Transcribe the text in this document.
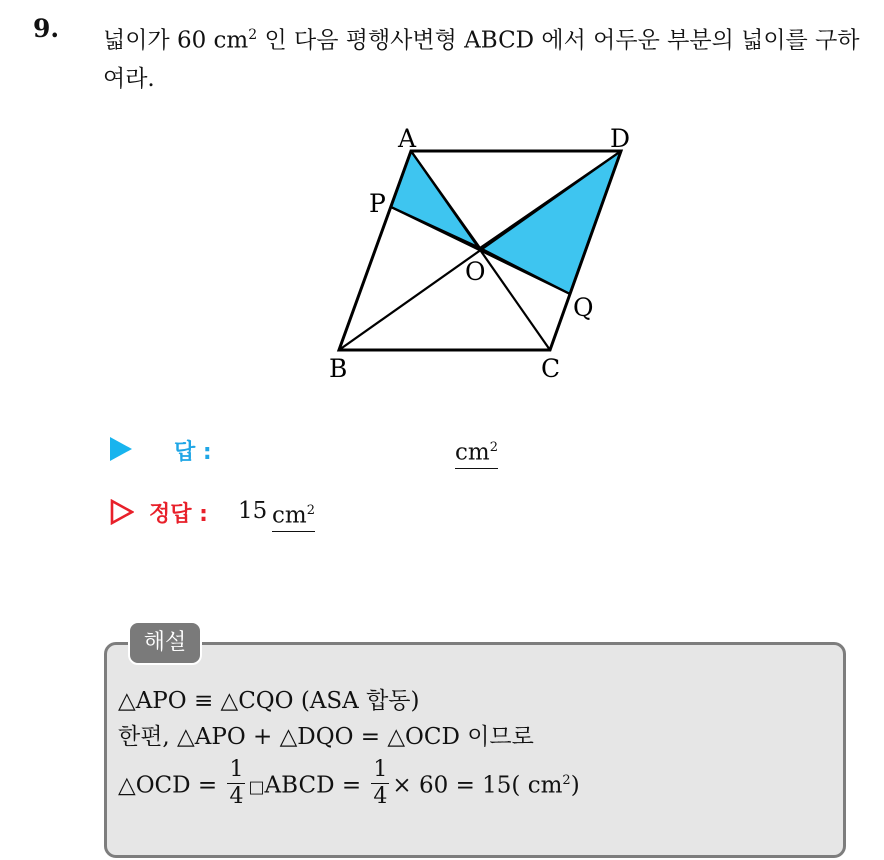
9. 넓이가 60 $cm^2$ 인 다음 평행사변형 ABCD 에서 어두운 부분의 넓이를 구하여라.
A	D
P
O
Q
B	C
답 :	$cm^2$
정답 : 15 $cm^2$
해설
△APO ≡ △CQO (ASA 합동)
한편, △APO + △DQO = △OCD 이므로
△OCD = $\frac{1}{4}$ □ABCD = $\frac{1}{4} \times 60 = 15$( $cm^2$)
